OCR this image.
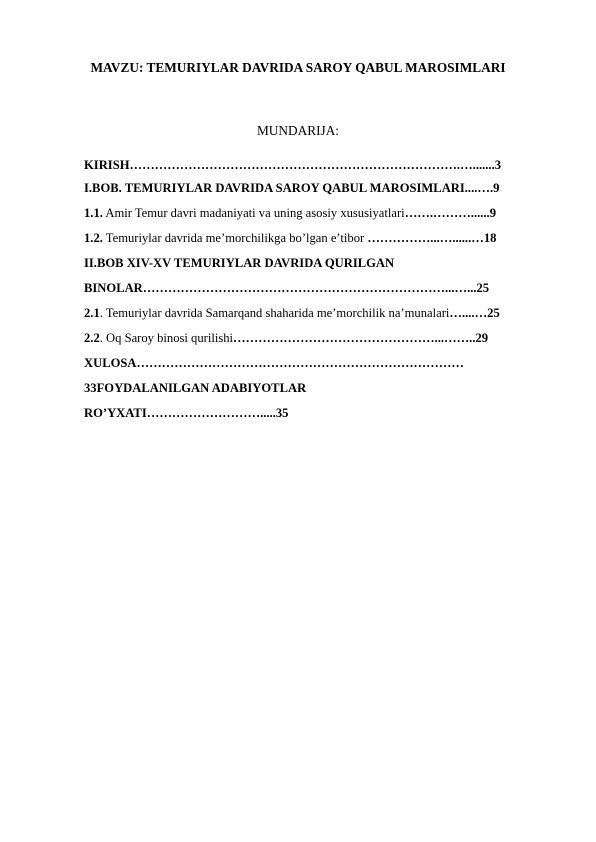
MAVZU: TEMURIYLAR DAVRIDA SAROY QABUL MAROSIMLARI
MUNDARIJA:
KIRISH…………………………………………………………………….….......3
I.BOB. TEMURIYLAR DAVRIDA SAROY QABUL MAROSIMLARI....….9
1.1. Amir Temur davri madaniyati va uning asosiy xususiyatlari…….………......9
1.2. Temuriylar davrida me’morchilikga bo’lgan e’tibor ……………...…......…18
II.BOB XIV-XV TEMURIYLAR DAVRIDA QURILGAN
BINOLAR………………………………………………………………...…...25
2.1. Temuriylar davrida Samarqand shaharida me’morchilik na’munalari…....…25
2.2. Oq Saroy binosi qurilishi…………………………………………...……..29
XULOSA……………………………………………………………………
33FOYDALANILGAN ADABIYOTLAR
RO’YXATI……………………….....35
